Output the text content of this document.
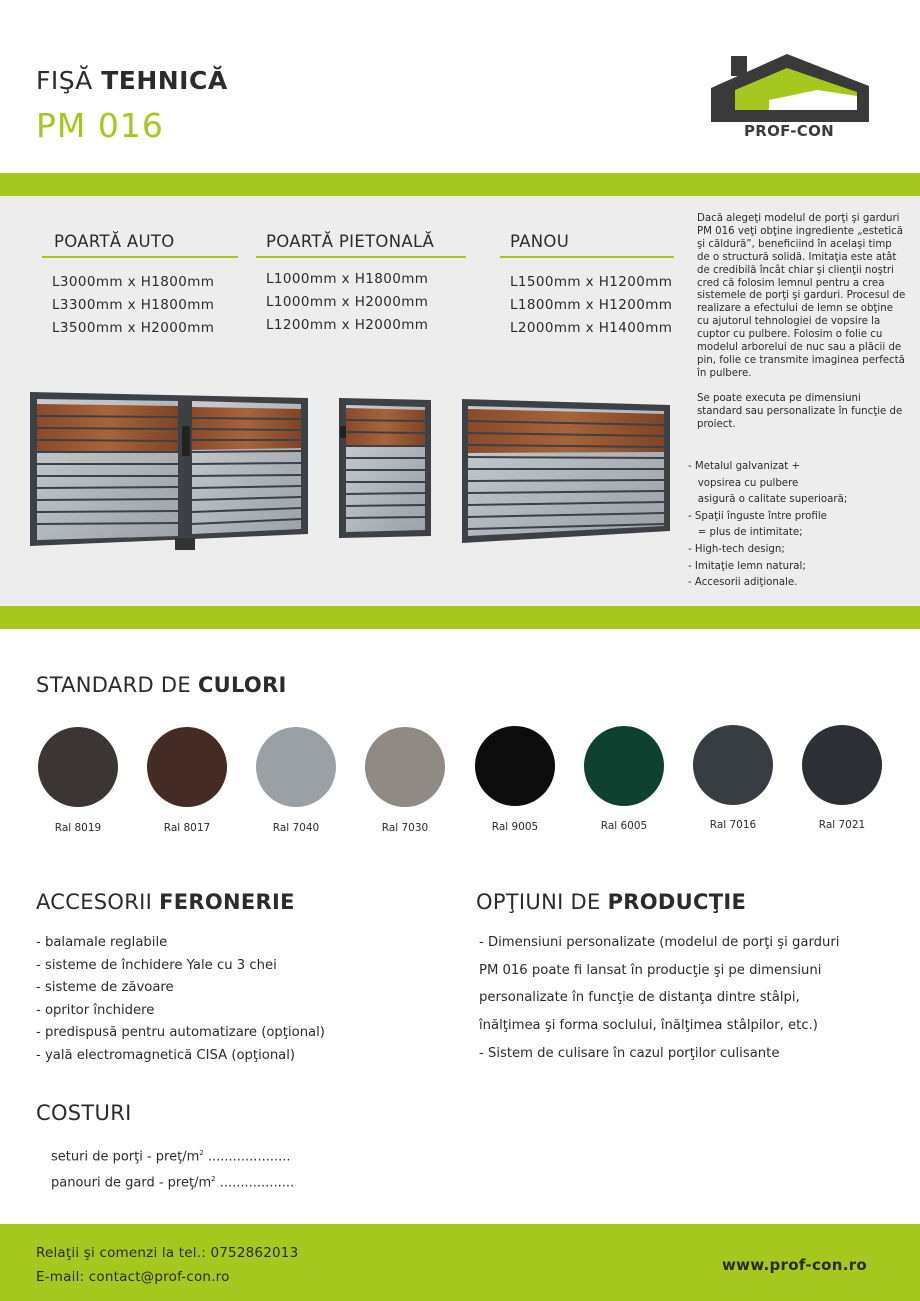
FIŞĂ TEHNICĂ
PM 016	PROF-CON
POARTĂ AUTO
L3000mm x H1800mm
L3300mm x H1800mm
L3500mm x H2000mm
POARTĂ PIETONALĂ
L1000mm x H1800mm
L1000mm x H2000mm
L1200mm x H2000mm
PANOU
L1500mm x H1200mm
L1800mm x H1200mm
L2000mm x H1400mm

Dacă alegeţi modelul de porţi şi garduri PM 016 veţi obţine ingrediente „estetică şi căldură”, beneficiind în acelaşi timp de o structură solidă. Imitaţia este atât de credibilă încât chiar şi clienţii noştri cred că folosim lemnul pentru a crea sistemele de porţi şi garduri. Procesul de realizare a efectului de lemn se obţine cu ajutorul tehnologiei de vopsire la cuptor cu pulbere. Folosim o folie cu modelul arborelui de nuc sau a plăcii de pin, folie ce transmite imaginea perfectă în pulbere.

Se poate executa pe dimensiuni standard sau personalizate în funcţie de proiect.

- Metalul galvanizat +
vopsirea cu pulbere
asigură o calitate superioară;
- Spaţii înguste între profile
= plus de intimitate;
- High-tech design;
- Imitaţie lemn natural;
- Accesorii adiţionale.
STANDARD DE CULORI
Ral 8019	Ral 8017	Ral 7040	Ral 7030	Ral 9005	Ral 6005	Ral 7016	Ral 7021
ACCESORII FERONERIE
- balamale reglabile
- sisteme de închidere Yale cu 3 chei
- sisteme de zăvoare
- opritor închidere
- predispusă pentru automatizare (opţional)
- yală electromagnetică CISA (opţional)
OPŢIUNI DE PRODUCŢIE
- Dimensiuni personalizate (modelul de porţi şi garduri
PM 016 poate fi lansat în producţie şi pe dimensiuni
personalizate în funcţie de distanţa dintre stâlpi,
înălţimea şi forma soclului, înălţimea stâlpilor, etc.)
- Sistem de culisare în cazul porţilor culisante
COSTURI
seturi de porţi - preţ/$m^2$ ....................
panouri de gard - preţ/$m^2$ ..................
Relaţii şi comenzi la tel.: 0752862013
E-mail: contact@prof-con.ro
www.prof-con.ro
